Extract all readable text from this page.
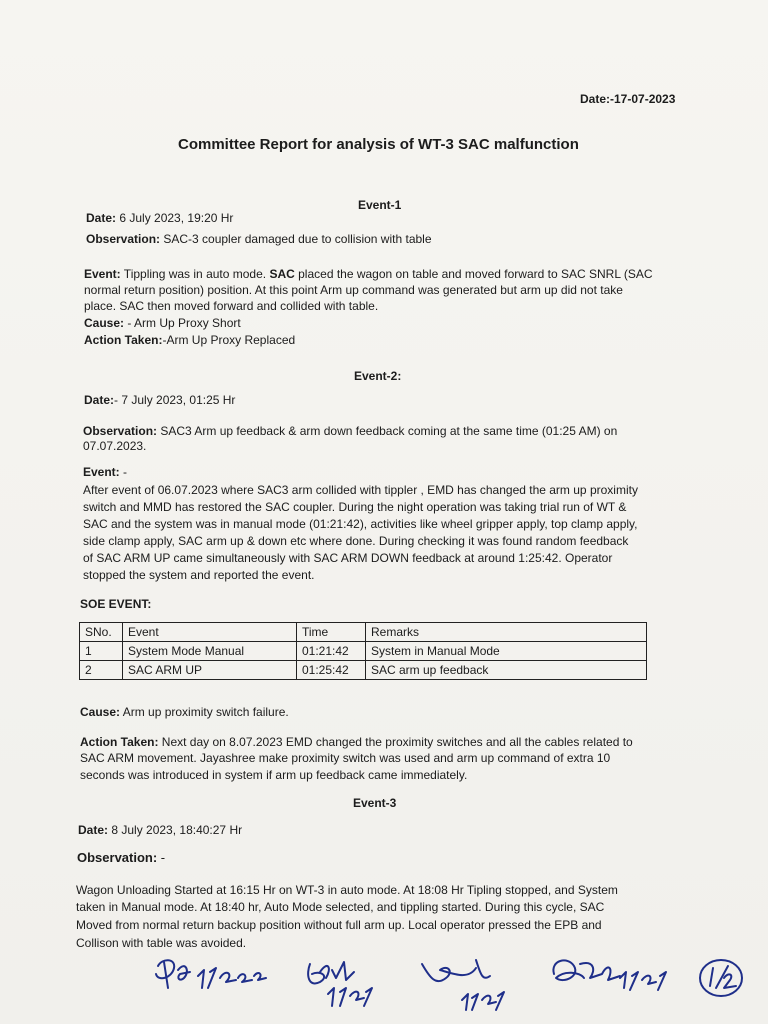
Date:-17-07-2023
Committee Report for analysis of WT-3 SAC malfunction
Event-1
Date: 6 July 2023, 19:20 Hr
Observation: SAC-3 coupler damaged due to collision with table
Event: Tippling was in auto mode. SAC placed the wagon on table and moved forward to SAC SNRL (SAC
normal return position) position. At this point Arm up command was generated but arm up did not take
place. SAC then moved forward and collided with table.
Cause: - Arm Up Proxy Short
Action Taken:-Arm Up Proxy Replaced
Event-2:
Date:- 7 July 2023, 01:25 Hr
Observation: SAC3 Arm up feedback & arm down feedback coming at the same time (01:25 AM) on
07.07.2023.
Event: -
After event of 06.07.2023 where SAC3 arm collided with tippler , EMD has changed the arm up proximity
switch and MMD has restored the SAC coupler. During the night operation was taking trial run of WT &
SAC and the system was in manual mode (01:21:42), activities like wheel gripper apply, top clamp apply,
side clamp apply, SAC arm up & down etc where done. During checking it was found random feedback
of SAC ARM UP came simultaneously with SAC ARM DOWN feedback at around 1:25:42. Operator
stopped the system and reported the event.
SOE EVENT:
SNo.	Event	Time	Remarks
1	System Mode Manual	01:21:42	System in Manual Mode
2	SAC ARM UP	01:25:42	SAC arm up feedback
Cause: Arm up proximity switch failure.
Action Taken: Next day on 8.07.2023 EMD changed the proximity switches and all the cables related to
SAC ARM movement. Jayashree make proximity switch was used and arm up command of extra 10
seconds was introduced in system if arm up feedback came immediately.
Event-3
Date: 8 July 2023, 18:40:27 Hr
Observation: -
Wagon Unloading Started at 16:15 Hr on WT-3 in auto mode. At 18:08 Hr Tipling stopped, and System
taken in Manual mode. At 18:40 hr, Auto Mode selected, and tippling started. During this cycle, SAC
Moved from normal return backup position without full arm up. Local operator pressed the EPB and
Collison with table was avoided.
